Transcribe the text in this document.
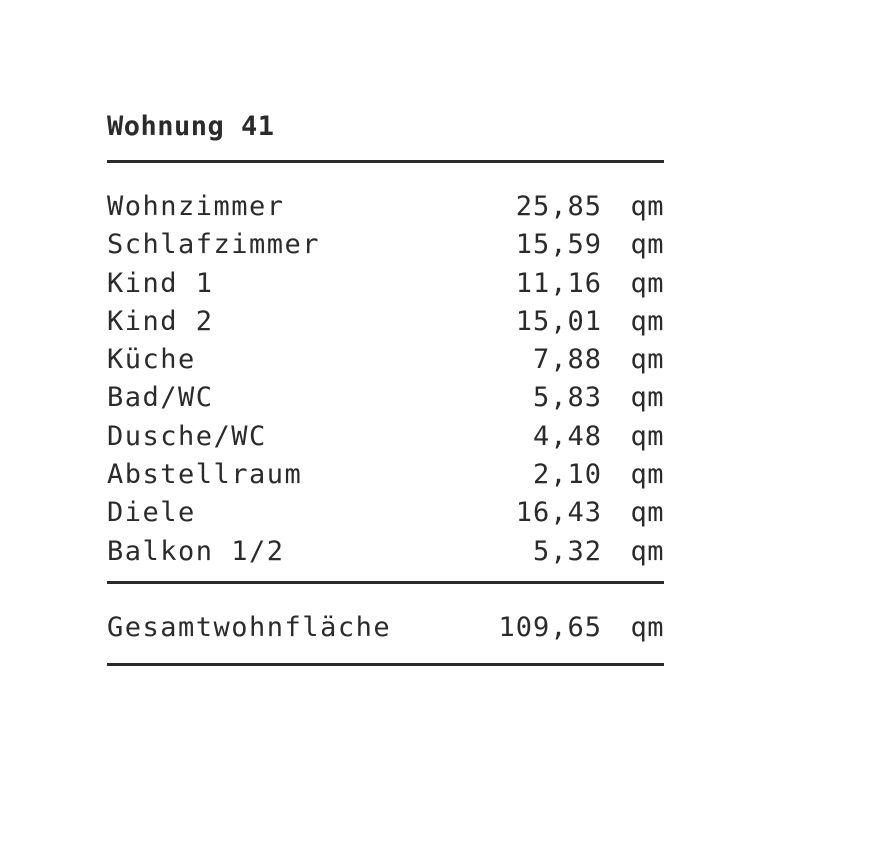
Wohnung 41
Wohnzimmer	25,85 qm
Schlafzimmer	15,59 qm
Kind 1	11,16 qm
Kind 2	15,01 qm
Küche	7,88 qm
Bad/WC	5,83 qm
Dusche/WC	4,48 qm
Abstellraum	2,10 qm
Diele	16,43 qm
Balkon 1/2	5,32 qm
Gesamtwohnfläche	109,65 qm
